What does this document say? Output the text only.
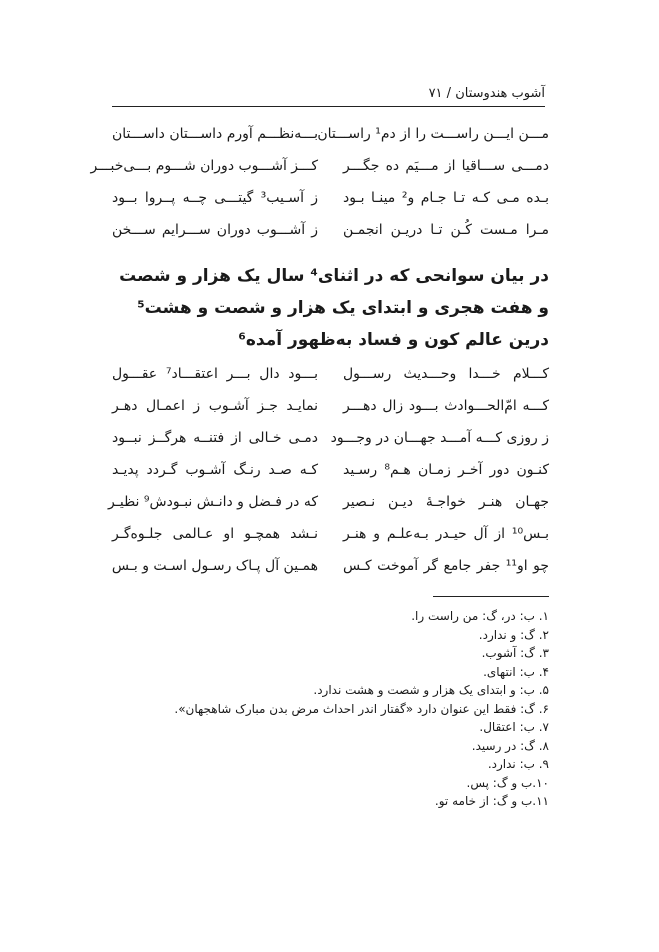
آشوب هندوستان / ۷۱
مـــن ایـــن راســـت را از دم¹ راســـتان
بـــه‌نظـــم آورم داســـتان داســـتان
دمـــی ســـاقیا از مـــیَم ده جگـــر
کـــز آشـــوب دوران شـــوم بـــی‌خبـــر
بـده مـی کـه تـا جـام و² مینـا بـود
ز آسـیب³ گیتـــی چــه پــروا بــود
مـرا مـست کُـن تـا دریـن انجمـن
ز آشـــوب دوران ســـرایم ســـخن
در بیان سوانحی که در اثنای⁴ سال یک هزار و شصت و هفت هجری و ابتدای یک هزار و شصت و هشت⁵ درین عالم کون و فساد به‌ظهور آمده⁶
کـــلام خـــدا وحـــدیث رســـول
بـــود دال بـــر اعتقـــاد⁷ عقـــول
کـــه امّ‌الحـــوادث بـــود زال دهـــر
نمایـد جـز آشـوب ز اعمـال دهـر
ز روزی کـــه آمـــد جهـــان در وجـــود
دمـی خـالی از فتنــه هرگــز نبــود
کنـون دور آخـر زمـان هـم⁸ رسـید
کـه صـد رنـگ آشـوب گـردد پدیـد
جهـان هنـر خواجـهٔ دیـن نـصیر
که در فـضل و دانـش نبـودش⁹ نظیـر
بـس¹⁰ از آل حیـدر بـه‌علـم و هنـر
نـشد همچـو او عـالمی جلـوه‌گـر
چو او¹¹ جفر جامع گر آموخت کـس
همـین آل پـاک رسـول اسـت و بـس
۱. ب: در، گ: من راست را.
۲. گ: و ندارد.
۳. گ: آشوب.
۴. ب: انتهای.
۵. ب: و ابتدای یک هزار و شصت و هشت ندارد.
۶. گ: فقط این عنوان دارد «گفتار اندر احداث مرض بدن مبارک شاهجهان».
۷. ب: اعتقال.
۸. گ: در رسید.
۹. ب: ندارد.
۱۰.ب و گ: پس.
۱۱.ب و گ: از خامه تو.
